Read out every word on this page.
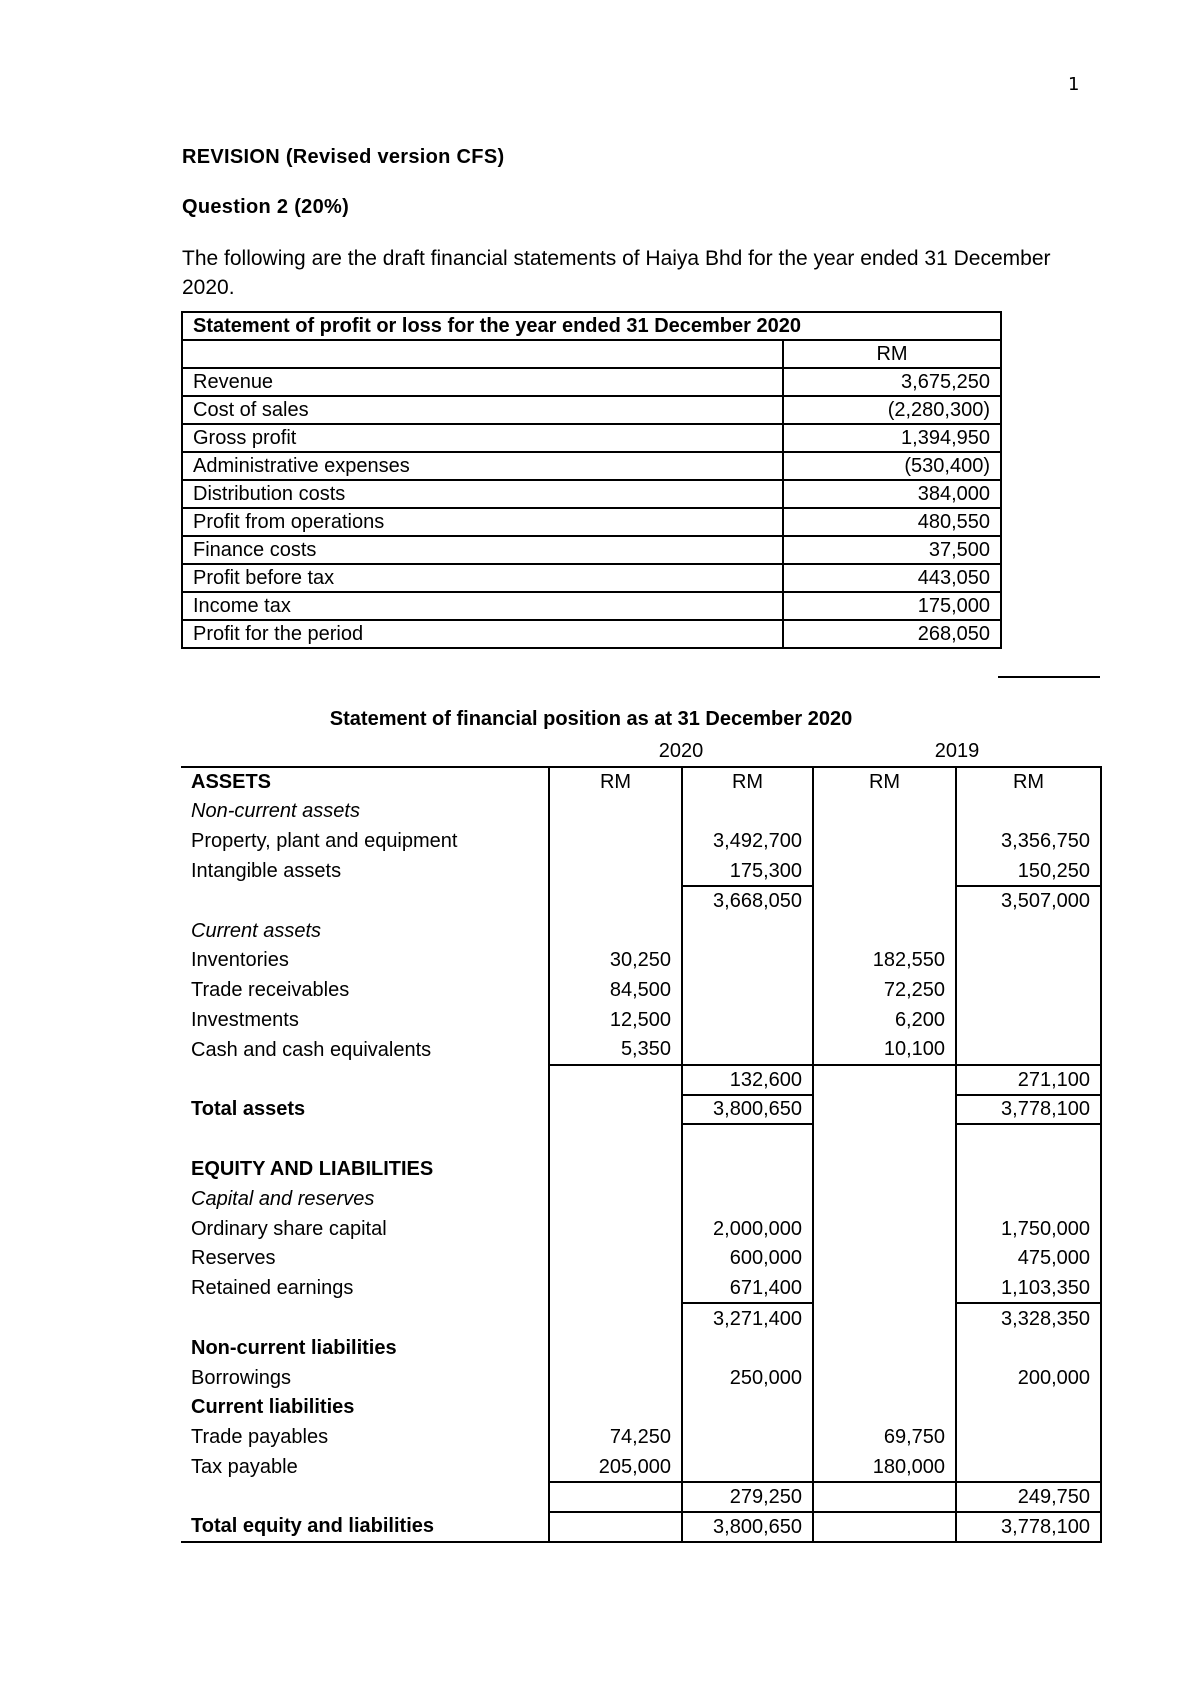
1
REVISION (Revised version CFS)
Question 2 (20%)
The following are the draft financial statements of Haiya Bhd for the year ended 31 December 2020.
Statement of profit or loss for the year ended 31 December 2020	
	RM
Revenue	3,675,250
Cost of sales	(2,280,300)
Gross profit	1,394,950
Administrative expenses	(530,400)
Distribution costs	384,000
Profit from operations	480,550
Finance costs	37,500
Profit before tax	443,050
Income tax	175,000
Profit for the period	268,050
Statement of financial position as at 31 December 2020
	2020		2019	
ASSETS	RM	RM	RM	RM
Non-current assets				
Property, plant and equipment		3,492,700		3,356,750
Intangible assets		175,300		150,250
		3,668,050		3,507,000
Current assets				
Inventories	30,250		182,550	
Trade receivables	84,500		72,250	
Investments	12,500		6,200	
Cash and cash equivalents	5,350		10,100	
		132,600		271,100
Total assets		3,800,650		3,778,100

EQUITY AND LIABILITIES				
Capital and reserves				
Ordinary share capital		2,000,000		1,750,000
Reserves		600,000		475,000
Retained earnings		671,400		1,103,350
		3,271,400		3,328,350
Non-current liabilities				
Borrowings		250,000		200,000
Current liabilities				
Trade payables	74,250		69,750	
Tax payable	205,000		180,000	
		279,250		249,750
Total equity and liabilities		3,800,650		3,778,100
